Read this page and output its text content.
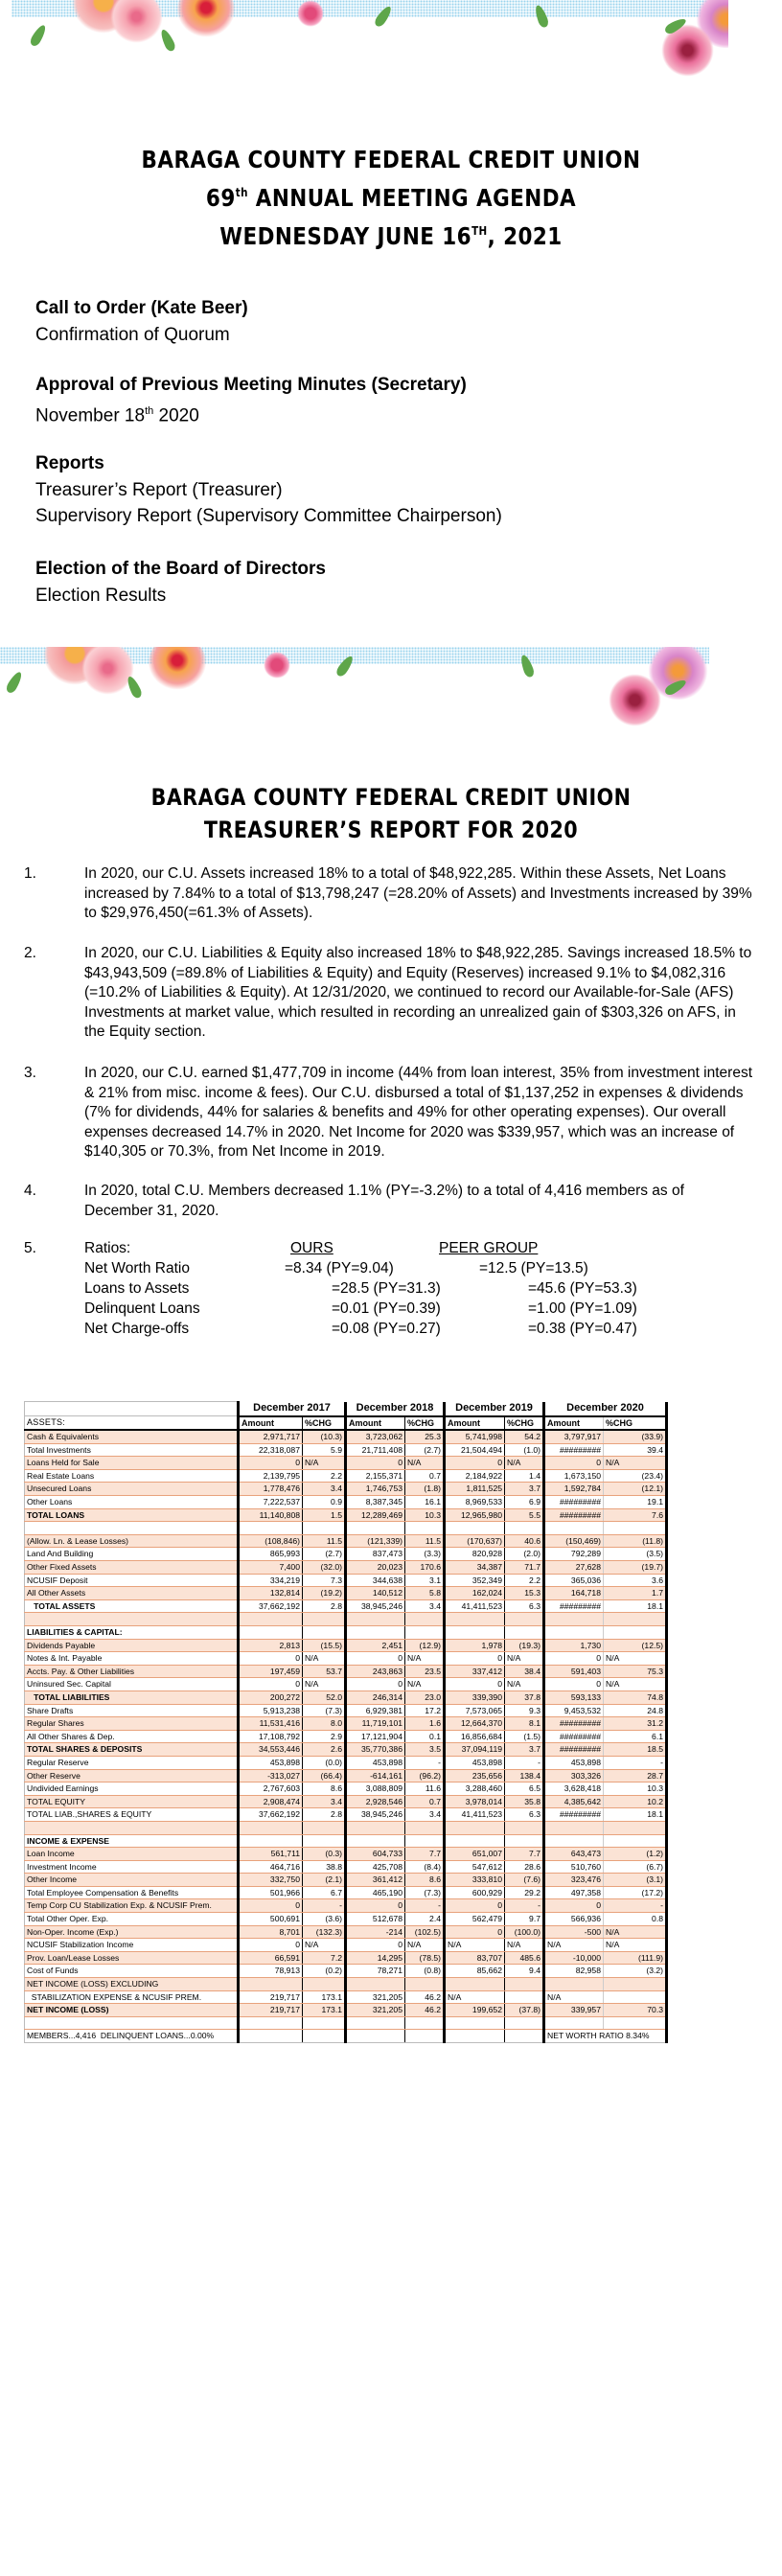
BARAGA COUNTY FEDERAL CREDIT UNION
69th ANNUAL MEETING AGENDA
WEDNESDAY JUNE 16TH, 2021
Call to Order (Kate Beer)
Confirmation of Quorum
Approval of Previous Meeting Minutes (Secretary)
November 18th 2020
Reports
Treasurer’s Report (Treasurer)
Supervisory Report (Supervisory Committee Chairperson)
Election of the Board of Directors
Election Results
BARAGA COUNTY FEDERAL CREDIT UNION
TREASURER’S REPORT FOR 2020
1.	In 2020, our C.U. Assets increased 18% to a total of $48,922,285. Within these Assets, Net Loans increased by 7.84% to a total of $13,798,247 (=28.20% of Assets) and Investments increased by 39% to $29,976,450(=61.3% of Assets).
2.	In 2020, our C.U. Liabilities & Equity also increased 18% to $48,922,285. Savings increased 18.5% to $43,943,509 (=89.8% of Liabilities & Equity) and Equity (Reserves) increased 9.1% to $4,082,316 (=10.2% of Liabilities & Equity). At 12/31/2020, we continued to record our Available-for-Sale (AFS) Investments at market value, which resulted in recording an unrealized gain of $303,326 on AFS, in the Equity section.
3.	In 2020, our C.U. earned $1,477,709 in income (44% from loan interest, 35% from investment interest & 21% from misc. income & fees). Our C.U. disbursed a total of $1,137,252 in expenses & dividends (7% for dividends, 44% for salaries & benefits and 49% for other operating expenses). Our overall expenses decreased 14.7% in 2020. Net Income for 2020 was $339,957, which was an increase of $140,305 or 70.3%, from Net Income in 2019.
4.	In 2020, total C.U. Members decreased 1.1% (PY=-3.2%) to a total of 4,416 members as of December 31, 2020.
5.	Ratios:	OURS	PEER GROUP
Net Worth Ratio	=8.34 (PY=9.04)	=12.5 (PY=13.5)
Loans to Assets	=28.5 (PY=31.3)	=45.6 (PY=53.3)
Delinquent Loans	=0.01 (PY=0.39)	=1.00 (PY=1.09)
Net Charge-offs	=0.08 (PY=0.27)	=0.38 (PY=0.47)
	December 2017		December 2018		December 2019		December 2020	
ASSETS:	Amount	%CHG	Amount	%CHG	Amount	%CHG	Amount	%CHG
Cash & Equivalents	2,971,717	(10.3)	3,723,062	25.3	5,741,998	54.2	3,797,917	(33.9)
Total Investments	22,318,087	5.9	21,711,408	(2.7)	21,504,494	(1.0)	#########	39.4
Loans Held for Sale	0	N/A	0	N/A	0	N/A	0	N/A
Real Estate Loans	2,139,795	2.2	2,155,371	0.7	2,184,922	1.4	1,673,150	(23.4)
Unsecured Loans	1,778,476	3.4	1,746,753	(1.8)	1,811,525	3.7	1,592,784	(12.1)
Other Loans	7,222,537	0.9	8,387,345	16.1	8,969,533	6.9	#########	19.1
TOTAL LOANS	11,140,808	1.5	12,289,469	10.3	12,965,980	5.5	#########	7.6

(Allow. Ln. & Lease Losses)	(108,846)	11.5	(121,339)	11.5	(170,637)	40.6	(150,469)	(11.8)
Land And Building	865,993	(2.7)	837,473	(3.3)	820,928	(2.0)	792,289	(3.5)
Other Fixed Assets	7,400	(32.0)	20,023	170.6	34,387	71.7	27,628	(19.7)
NCUSIF Deposit	334,219	7.3	344,638	3.1	352,349	2.2	365,036	3.6
All Other Assets	132,814	(19.2)	140,512	5.8	162,024	15.3	164,718	1.7
TOTAL ASSETS	37,662,192	2.8	38,945,246	3.4	41,411,523	6.3	#########	18.1

LIABILITIES & CAPITAL:								
Dividends Payable	2,813	(15.5)	2,451	(12.9)	1,978	(19.3)	1,730	(12.5)
Notes & Int. Payable	0	N/A	0	N/A	0	N/A	0	N/A
Accts. Pay. & Other Liabilities	197,459	53.7	243,863	23.5	337,412	38.4	591,403	75.3
Uninsured Sec. Capital	0	N/A	0	N/A	0	N/A	0	N/A
TOTAL LIABILITIES	200,272	52.0	246,314	23.0	339,390	37.8	593,133	74.8
Share Drafts	5,913,238	(7.3)	6,929,381	17.2	7,573,065	9.3	9,453,532	24.8
Regular Shares	11,531,416	8.0	11,719,101	1.6	12,664,370	8.1	#########	31.2
All Other Shares & Dep.	17,108,792	2.9	17,121,904	0.1	16,856,684	(1.5)	#########	6.1
TOTAL SHARES & DEPOSITS	34,553,446	2.6	35,770,386	3.5	37,094,119	3.7	#########	18.5
Regular Reserve	453,898	(0.0)	453,898	-	453,898	-	453,898	-
Other Reserve	-313,027	(66.4)	-614,161	(96.2)	235,656	138.4	303,326	28.7
Undivided Earnings	2,767,603	8.6	3,088,809	11.6	3,288,460	6.5	3,628,418	10.3
TOTAL EQUITY	2,908,474	3.4	2,928,546	0.7	3,978,014	35.8	4,385,642	10.2
TOTAL LIAB.,SHARES & EQUITY	37,662,192	2.8	38,945,246	3.4	41,411,523	6.3	#########	18.1

INCOME & EXPENSE								
Loan Income	561,711	(0.3)	604,733	7.7	651,007	7.7	643,473	(1.2)
Investment Income	464,716	38.8	425,708	(8.4)	547,612	28.6	510,760	(6.7)
Other Income	332,750	(2.1)	361,412	8.6	333,810	(7.6)	323,476	(3.1)
Total Employee Compensation & Benefits	501,966	6.7	465,190	(7.3)	600,929	29.2	497,358	(17.2)
Temp Corp CU Stabilization Exp. & NCUSIF Prem.	0	-	0	-	0	-	0	-
Total Other Oper. Exp.	500,691	(3.6)	512,678	2.4	562,479	9.7	566,936	0.8
Non-Oper. Income (Exp.)	8,701	(132.3)	-214	(102.5)	0	(100.0)	-500	N/A
NCUSIF Stabilization Income	0	N/A	0	N/A	N/A	N/A	N/A	N/A
Prov. Loan/Lease Losses	66,591	7.2	14,295	(78.5)	83,707	485.6	-10,000	(111.9)
Cost of Funds	78,913	(0.2)	78,271	(0.8)	85,662	9.4	82,958	(3.2)
NET INCOME (LOSS) EXCLUDING								
STABILIZATION EXPENSE & NCUSIF PREM.	219,717	173.1	321,205	46.2	N/A		N/A	
NET INCOME (LOSS)	219,717	173.1	321,205	46.2	199,652	(37.8)	339,957	70.3

MEMBERS...4,416  DELINQUENT LOANS...0.00%							NET WORTH RATIO 8.34%	
